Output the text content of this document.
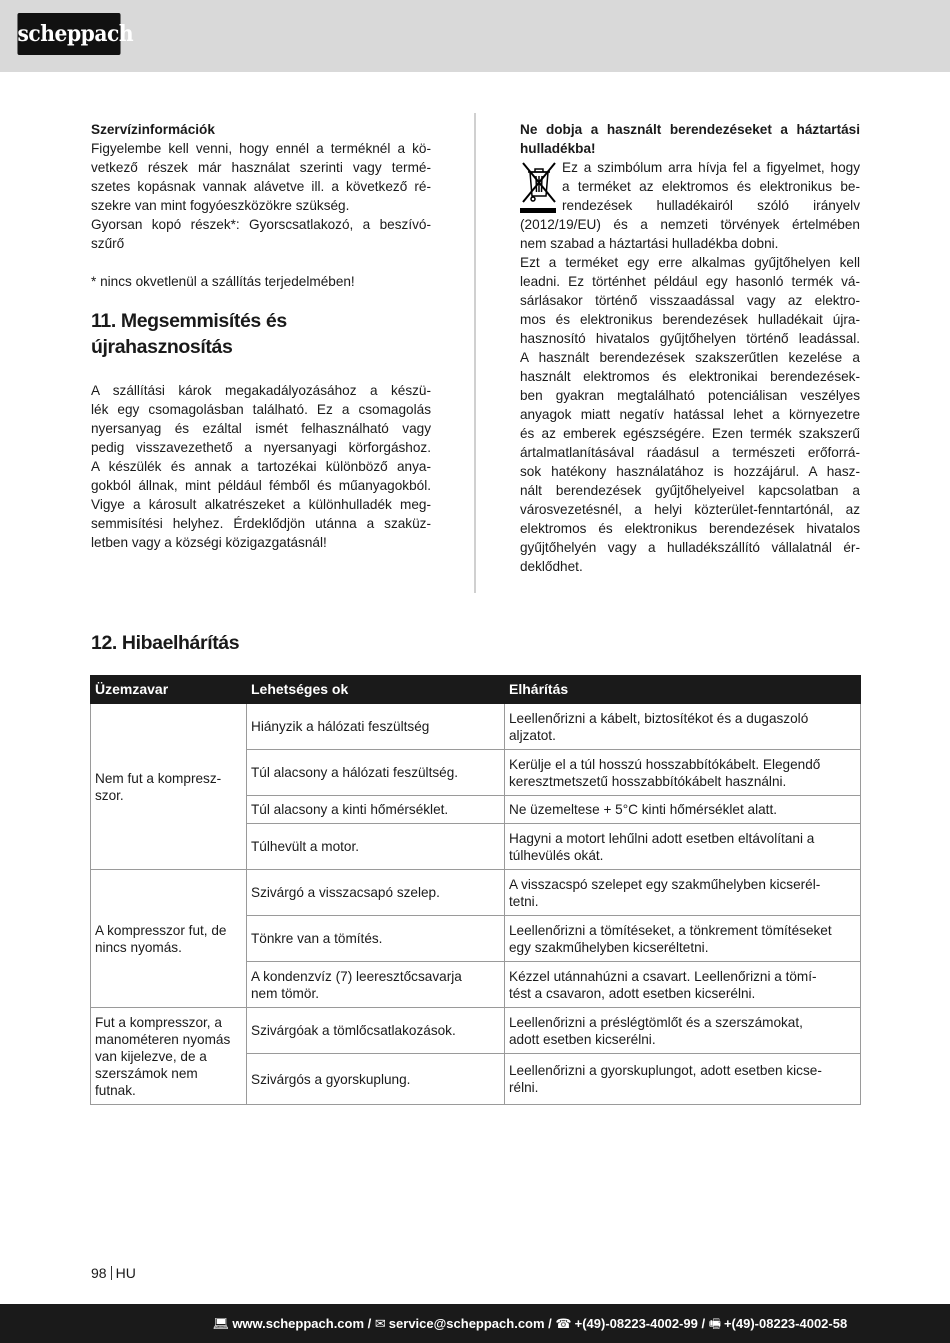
scheppach
Szervízinformációk
Figyelembe kell venni, hogy ennél a terméknél a kö-
vetkező részek már használat szerinti vagy termé-
szetes kopásnak vannak alávetve ill. a következő ré-
szekre van mint fogyóeszközökre szükség.
Gyorsan kopó részek*: Gyorscsatlakozó, a beszívó-
szűrő
* nincs okvetlenül a szállítás terjedelmében!
11. Megsemmisítés és újrahasznosítás
A szállítási károk megakadályozásához a készü-
lék egy csomagolásban található. Ez a csomagolás
nyersanyag és ezáltal ismét felhasználható vagy
pedig visszavezethető a nyersanyagi körforgáshoz.
A készülék és annak a tartozékai különböző anya-
gokból állnak, mint például fémből és műanyagokból.
Vigye a károsult alkatrészeket a különhulladék meg-
semmisítési helyhez. Érdeklődjön utánna a szaküz-
letben vagy a községi közigazgatásnál!
Ne dobja a használt berendezéseket a háztartási
hulladékba!
Ez a szimbólum arra hívja fel a figyelmet, hogy
a terméket az elektromos és elektronikus be-
rendezések hulladékairól szóló irányelv
(2012/19/EU) és a nemzeti törvények értelmében
nem szabad a háztartási hulladékba dobni.
Ezt a terméket egy erre alkalmas gyűjtőhelyen kell
leadni. Ez történhet például egy hasonló termék vá-
sárlásakor történő visszaadással vagy az elektro-
mos és elektronikus berendezések hulladékait újra-
hasznosító hivatalos gyűjtőhelyen történő leadással.
A használt berendezések szakszerűtlen kezelése a
használt elektromos és elektronikai berendezések-
ben gyakran megtalálható potenciálisan veszélyes
anyagok miatt negatív hatással lehet a környezetre
és az emberek egészségére. Ezen termék szakszerű
ártalmatlanításával ráadásul a természeti erőforrá-
sok hatékony használatához is hozzájárul. A hasz-
nált berendezések gyűjtőhelyeivel kapcsolatban a
városvezetésnél, a helyi közterület-fenntartónál, az
elektromos és elektronikus berendezések hivatalos
gyűjtőhelyén vagy a hulladékszállító vállalatnál ér-
deklődhet.
12. Hibaelhárítás
Üzemzavar	Lehetséges ok	Elhárítás
Nem fut a kompresz-
szor.	Hiányzik a hálózati feszültség	Leellenőrizni a kábelt, biztosítékot és a dugaszoló
aljzatot.
	Túl alacsony a hálózati feszültség.	Kerülje el a túl hosszú hosszabbítókábelt. Elegendő
keresztmetszetű hosszabbítókábelt használni.
	Túl alacsony a kinti hőmérséklet.	Ne üzemeltese + 5°C kinti hőmérséklet alatt.
	Túlhevült a motor.	Hagyni a motort lehűlni adott esetben eltávolítani a
túlhevülés okát.
A kompresszor fut, de
nincs nyomás.	Szivárgó a visszacsapó szelep.	A visszacspó szelepet egy szakműhelyben kicserél-
tetni.
	Tönkre van a tömítés.	Leellenőrizni a tömítéseket, a tönkrement tömítéseket
egy szakműhelyben kicseréltetni.
	A kondenzvíz (7) leeresztőcsavarja
nem tömör.	Kézzel utánnahúzni a csavart. Leellenőrizni a tömí-
tést a csavaron, adott esetben kicserélni.
Fut a kompresszor, a
manométeren nyomás
van kijelezve, de a
szerszámok nem
futnak.	Szivárgóak a tömlőcsatlakozások.	Leellenőrizni a préslégtömlőt és a szerszámokat,
adott esetben kicserélni.
	Szivárgós a gyorskuplung.	Leellenőrizni a gyorskuplungot, adott esetben kicse-
rélni.
98 HU
💻︎ www.scheppach.com / ✉ service@scheppach.com / ☎ +(49)-08223-4002-99 / 🖷︎ +(49)-08223-4002-58
